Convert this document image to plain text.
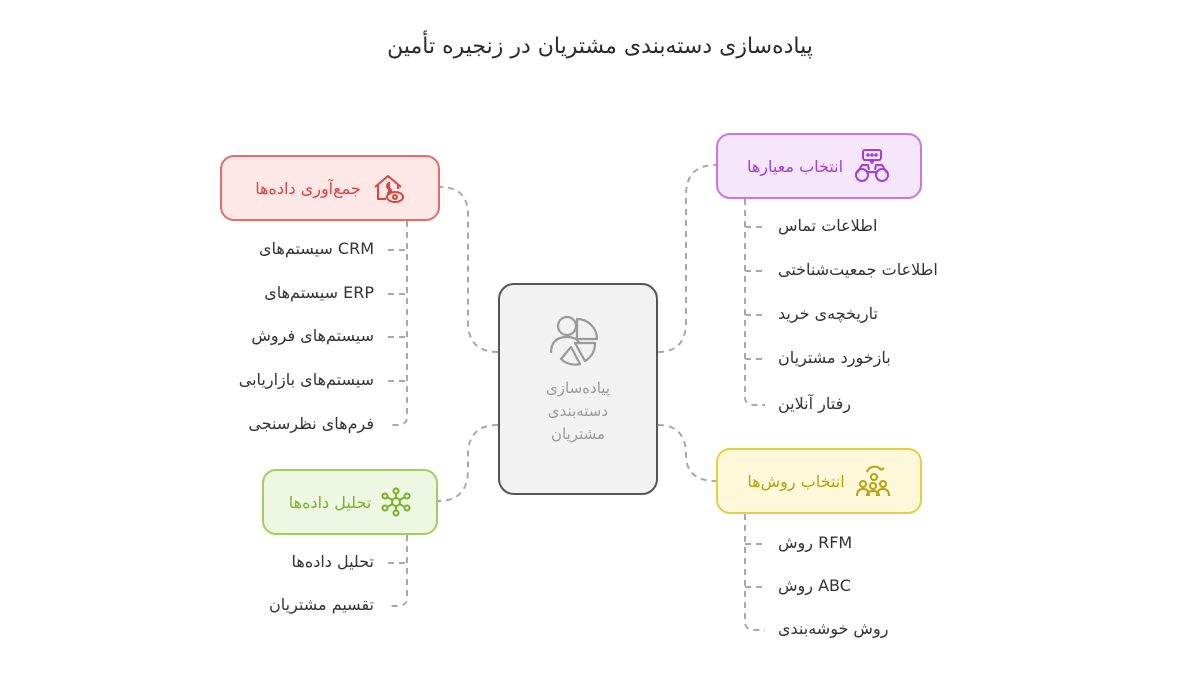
پیاده‌سازی دسته‌بندی مشتریان در زنجیره تأمین
پیاده‌سازی
دسته‌بندی
مشتریان
جمع‌آوری داده‌ها
تحلیل داده‌ها
انتخاب معیارها
انتخاب روش‌ها
CRM سیستم‌های
ERP سیستم‌های
سیستم‌های فروش
سیستم‌های بازاریابی
فرم‌های نظرسنجی
تحلیل داده‌ها
تقسیم مشتریان
اطلاعات تماس
اطلاعات جمعیت‌شناختی
تاریخچه‌ی خرید
بازخورد مشتریان
رفتار آنلاین
RFM روش
ABC روش
روش خوشه‌بندی
